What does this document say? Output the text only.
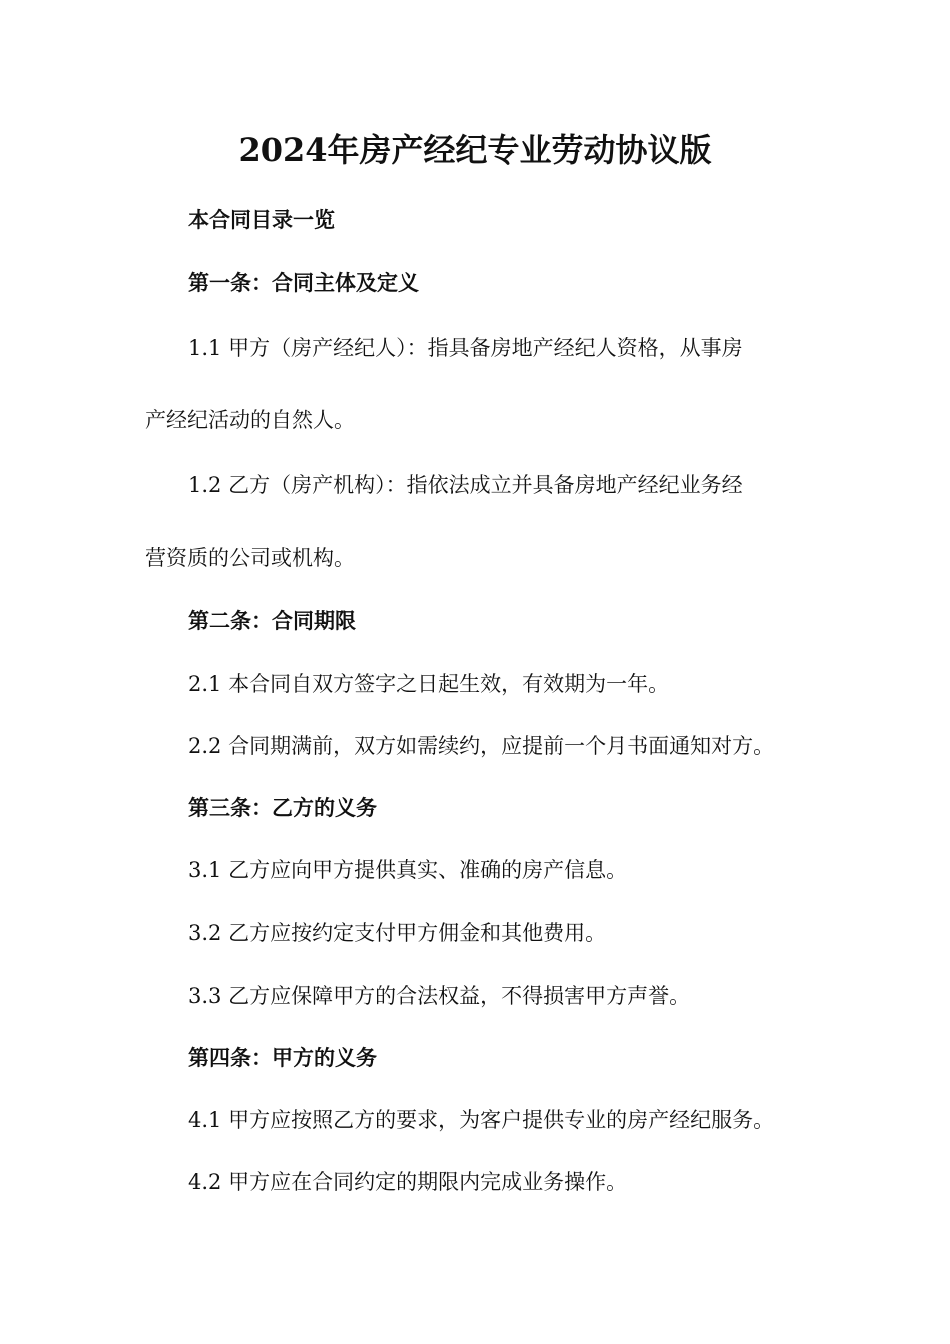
2024年房产经纪专业劳动协议版

本合同目录一览

第一条：合同主体及定义

1.1 甲方（房产经纪人）：指具备房地产经纪人资格，从事房

产经纪活动的自然人。

1.2 乙方（房产机构）：指依法成立并具备房地产经纪业务经

营资质的公司或机构。

第二条：合同期限

2.1 本合同自双方签字之日起生效，有效期为一年。

2.2 合同期满前，双方如需续约，应提前一个月书面通知对方。

第三条：乙方的义务

3.1 乙方应向甲方提供真实、准确的房产信息。

3.2 乙方应按约定支付甲方佣金和其他费用。

3.3 乙方应保障甲方的合法权益，不得损害甲方声誉。

第四条：甲方的义务

4.1 甲方应按照乙方的要求，为客户提供专业的房产经纪服务。

4.2 甲方应在合同约定的期限内完成业务操作。
